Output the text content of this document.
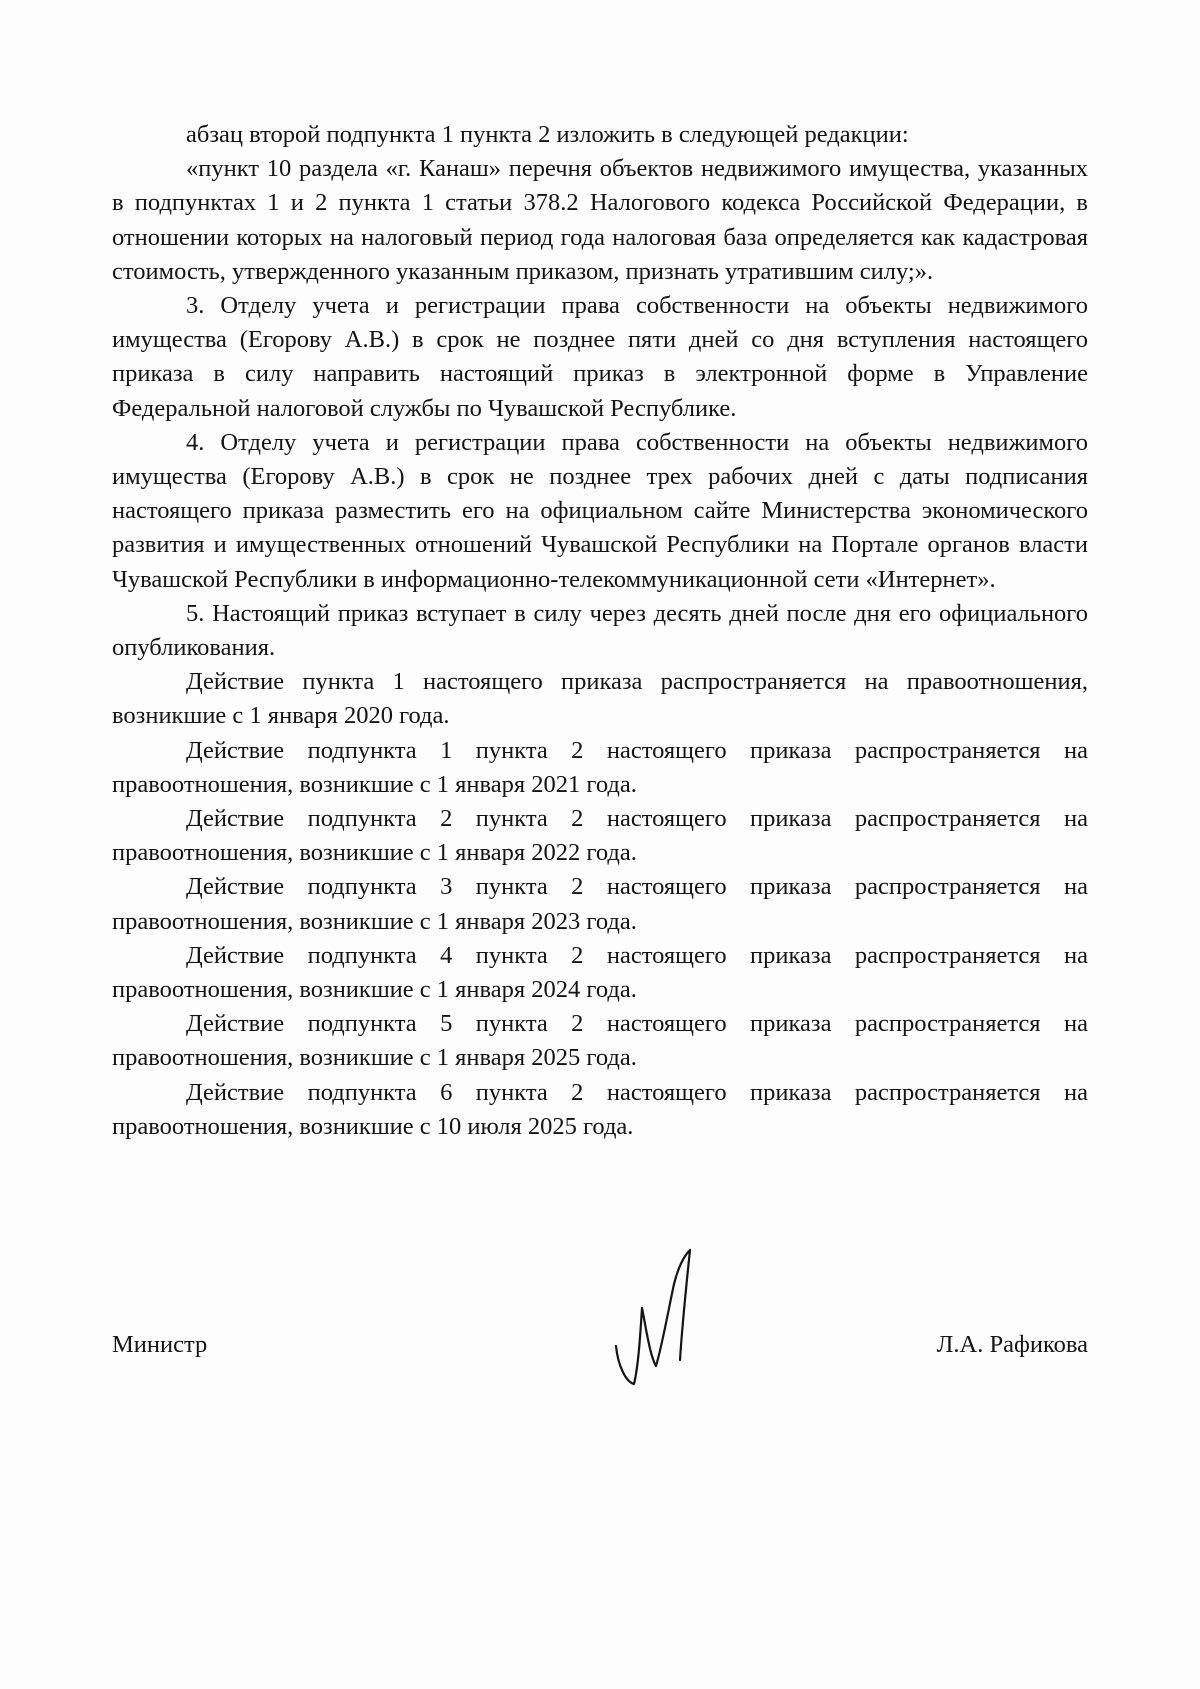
абзац второй подпункта 1 пункта 2 изложить в следующей редакции:

«пункт 10 раздела «г. Канаш» перечня объектов недвижимого имущества, указанных в подпунктах 1 и 2 пункта 1 статьи 378.2 Налогового кодекса Российской Федерации, в отношении которых на налоговый период года налоговая база определяется как кадастровая стоимость, утвержденного указанным приказом, признать утратившим силу;».

3. Отделу учета и регистрации права собственности на объекты недвижимого имущества (Егорову А.В.) в срок не позднее пяти дней со дня вступления настоящего приказа в силу направить настоящий приказ в электронной форме в Управление Федеральной налоговой службы по Чувашской Республике.

4. Отделу учета и регистрации права собственности на объекты недвижимого имущества (Егорову А.В.) в срок не позднее трех рабочих дней с даты подписания настоящего приказа разместить его на официальном сайте Министерства экономического развития и имущественных отношений Чувашской Республики на Портале органов власти Чувашской Республики в информационно-телекоммуникационной сети «Интернет».

5. Настоящий приказ вступает в силу через десять дней после дня его официального опубликования.

Действие пункта 1 настоящего приказа распространяется на правоотношения, возникшие с 1 января 2020 года.

Действие подпункта 1 пункта 2 настоящего приказа распространяется на правоотношения, возникшие с 1 января 2021 года.

Действие подпункта 2 пункта 2 настоящего приказа распространяется на правоотношения, возникшие с 1 января 2022 года.

Действие подпункта 3 пункта 2 настоящего приказа распространяется на правоотношения, возникшие с 1 января 2023 года.

Действие подпункта 4 пункта 2 настоящего приказа распространяется на правоотношения, возникшие с 1 января 2024 года.

Действие подпункта 5 пункта 2 настоящего приказа распространяется на правоотношения, возникшие с 1 января 2025 года.

Действие подпункта 6 пункта 2 настоящего приказа распространяется на правоотношения, возникшие с 10 июля 2025 года.

Министр	Л.А. Рафикова
